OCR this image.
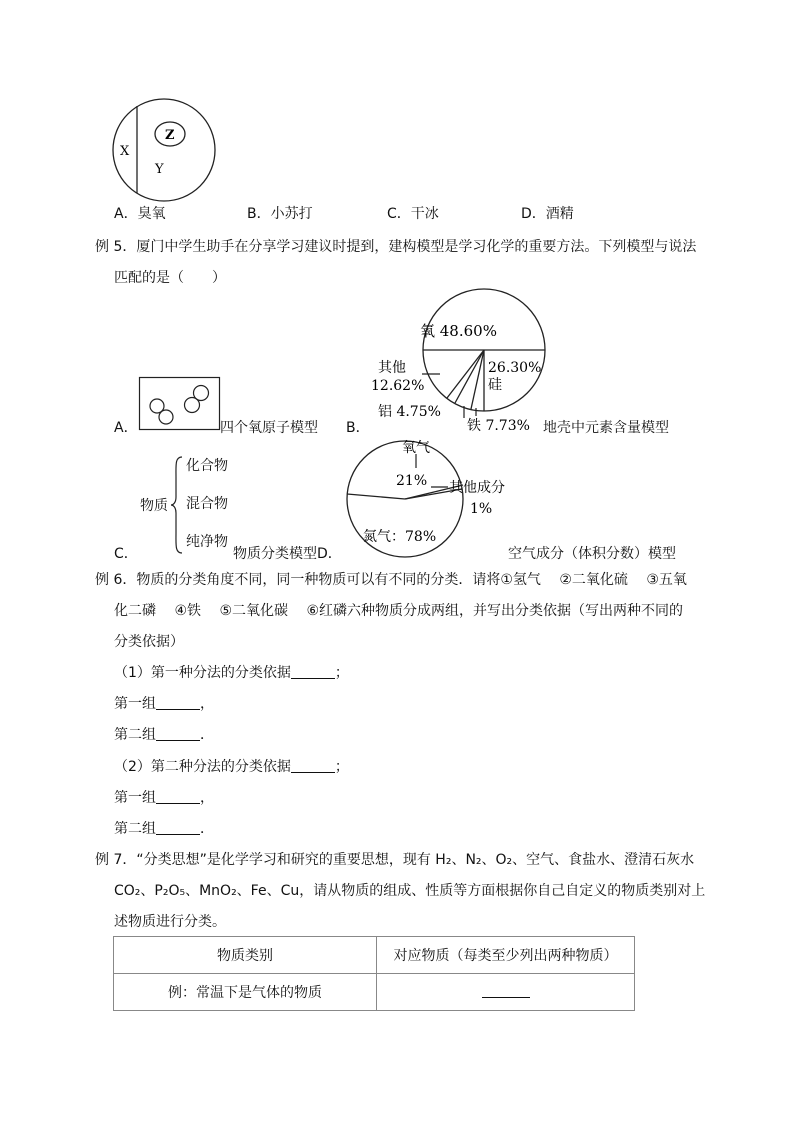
X
Y
Z
A．臭氧	B．小苏打	C．干冰	D．酒精
例 5．厦门中学生助手在分享学习建议时提到，建构模型是学习化学的重要方法。下列模型与说法
匹配的是（　　）
A．	四个氧原子模型 B．
氧 48.60%
26.30%
硅
其他
12.62%
铝 4.75%
铁 7.73% 地壳中元素含量模型
C．
物质
化合物
混合物
纯净物
物质分类模型D．
氧气
21% 其他成分
1%
氮气：78%
空气成分（体积分数）模型
例 6．物质的分类角度不同，同一种物质可以有不同的分类．请将①氢气　 ②二氧化硫　 ③五氧
化二磷　 ④铁　 ⑤二氧化碳　 ⑥红磷六种物质分成两组，并写出分类依据（写出两种不同的
分类依据）
（1）第一种分法的分类依据	；
第一组	，
第二组	．
（2）第二种分法的分类依据	；
第一组	，
第二组	．
例 7．“分类思想”是化学学习和研究的重要思想，现有 H₂、N₂、O₂、空气、食盐水、澄清石灰水
CO₂、P₂O₅、MnO₂、Fe、Cu，请从物质的组成、性质等方面根据你自己自定义的物质类别对上
述物质进行分类。
物质类别	对应物质（每类至少列出两种物质）
例：常温下是气体的物质	
